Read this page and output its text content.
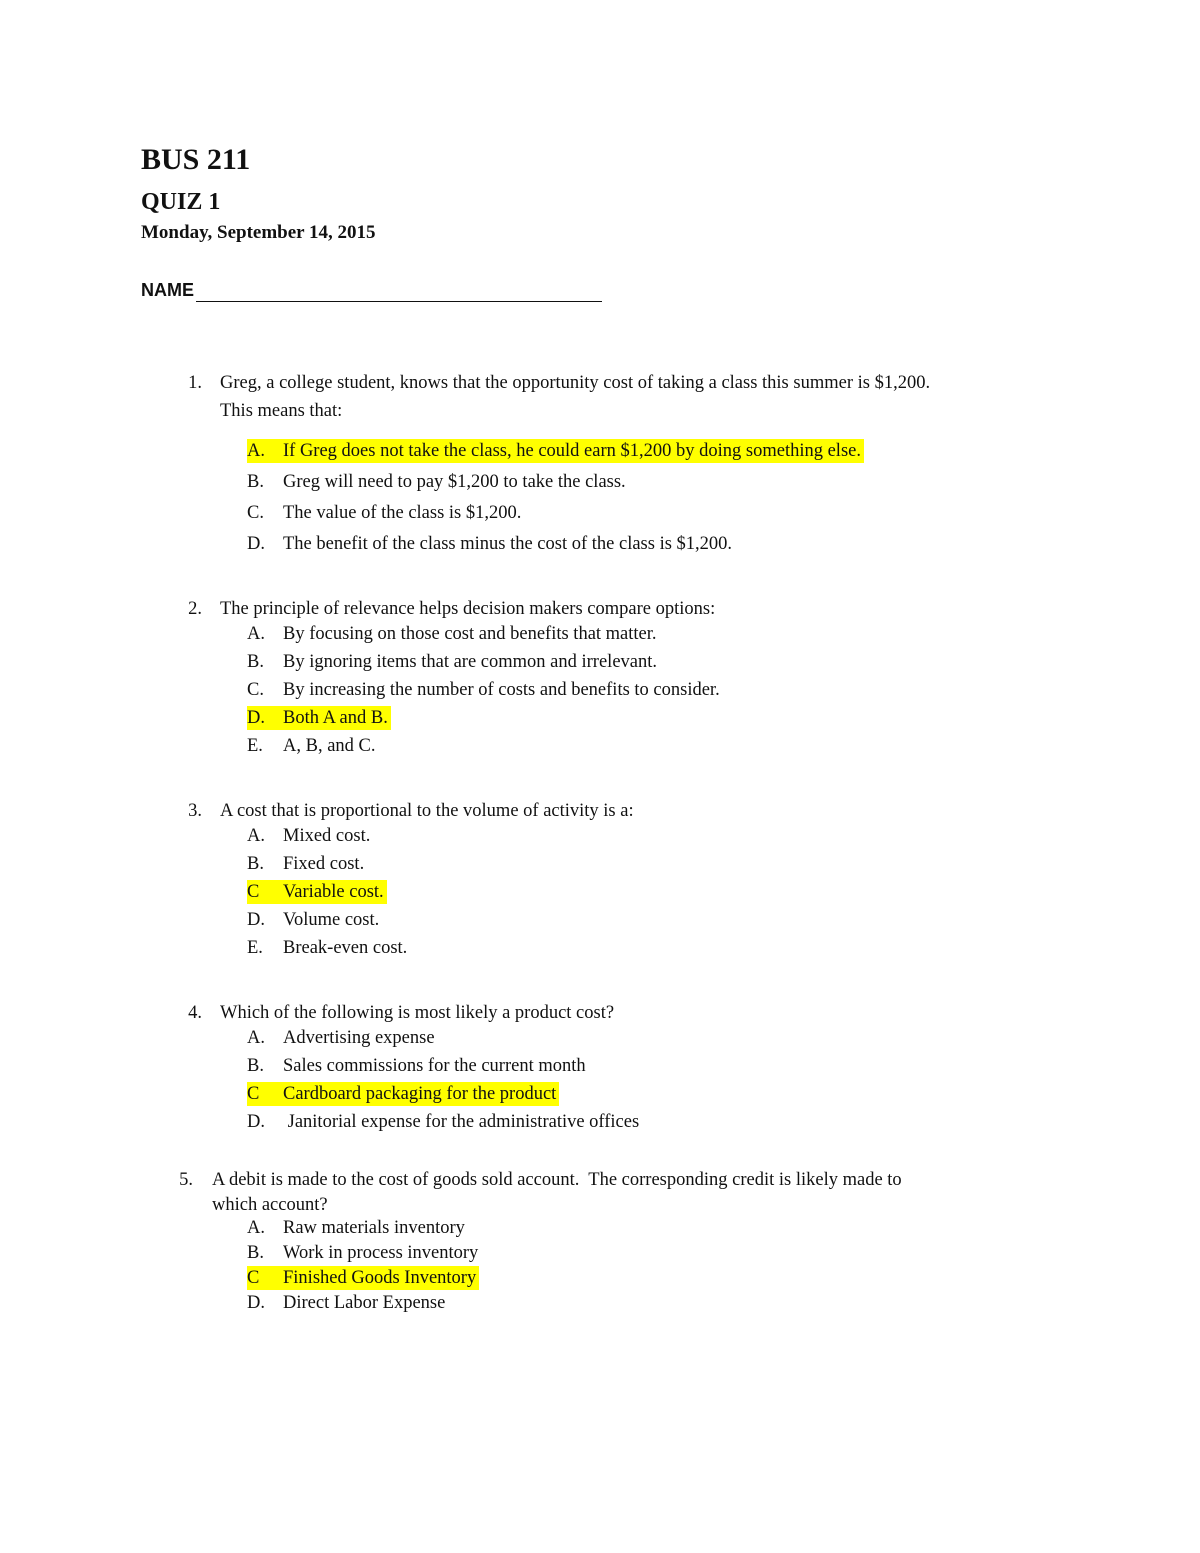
BUS 211
QUIZ 1
Monday, September 14, 2015
NAME
1. Greg, a college student, knows that the opportunity cost of taking a class this summer is $1,200.
This means that:
A. If Greg does not take the class, he could earn $1,200 by doing something else.
B. Greg will need to pay $1,200 to take the class.
C. The value of the class is $1,200.
D. The benefit of the class minus the cost of the class is $1,200.
2. The principle of relevance helps decision makers compare options:
A. By focusing on those cost and benefits that matter.
B. By ignoring items that are common and irrelevant.
C. By increasing the number of costs and benefits to consider.
D. Both A and B.
E. A, B, and C.
3. A cost that is proportional to the volume of activity is a:
A. Mixed cost.
B. Fixed cost.
C Variable cost.
D. Volume cost.
E. Break-even cost.
4. Which of the following is most likely a product cost?
A. Advertising expense
B. Sales commissions for the current month
C Cardboard packaging for the product
D. Janitorial expense for the administrative offices
5. A debit is made to the cost of goods sold account.  The corresponding credit is likely made to
which account?
A. Raw materials inventory
B. Work in process inventory
C Finished Goods Inventory
D. Direct Labor Expense
